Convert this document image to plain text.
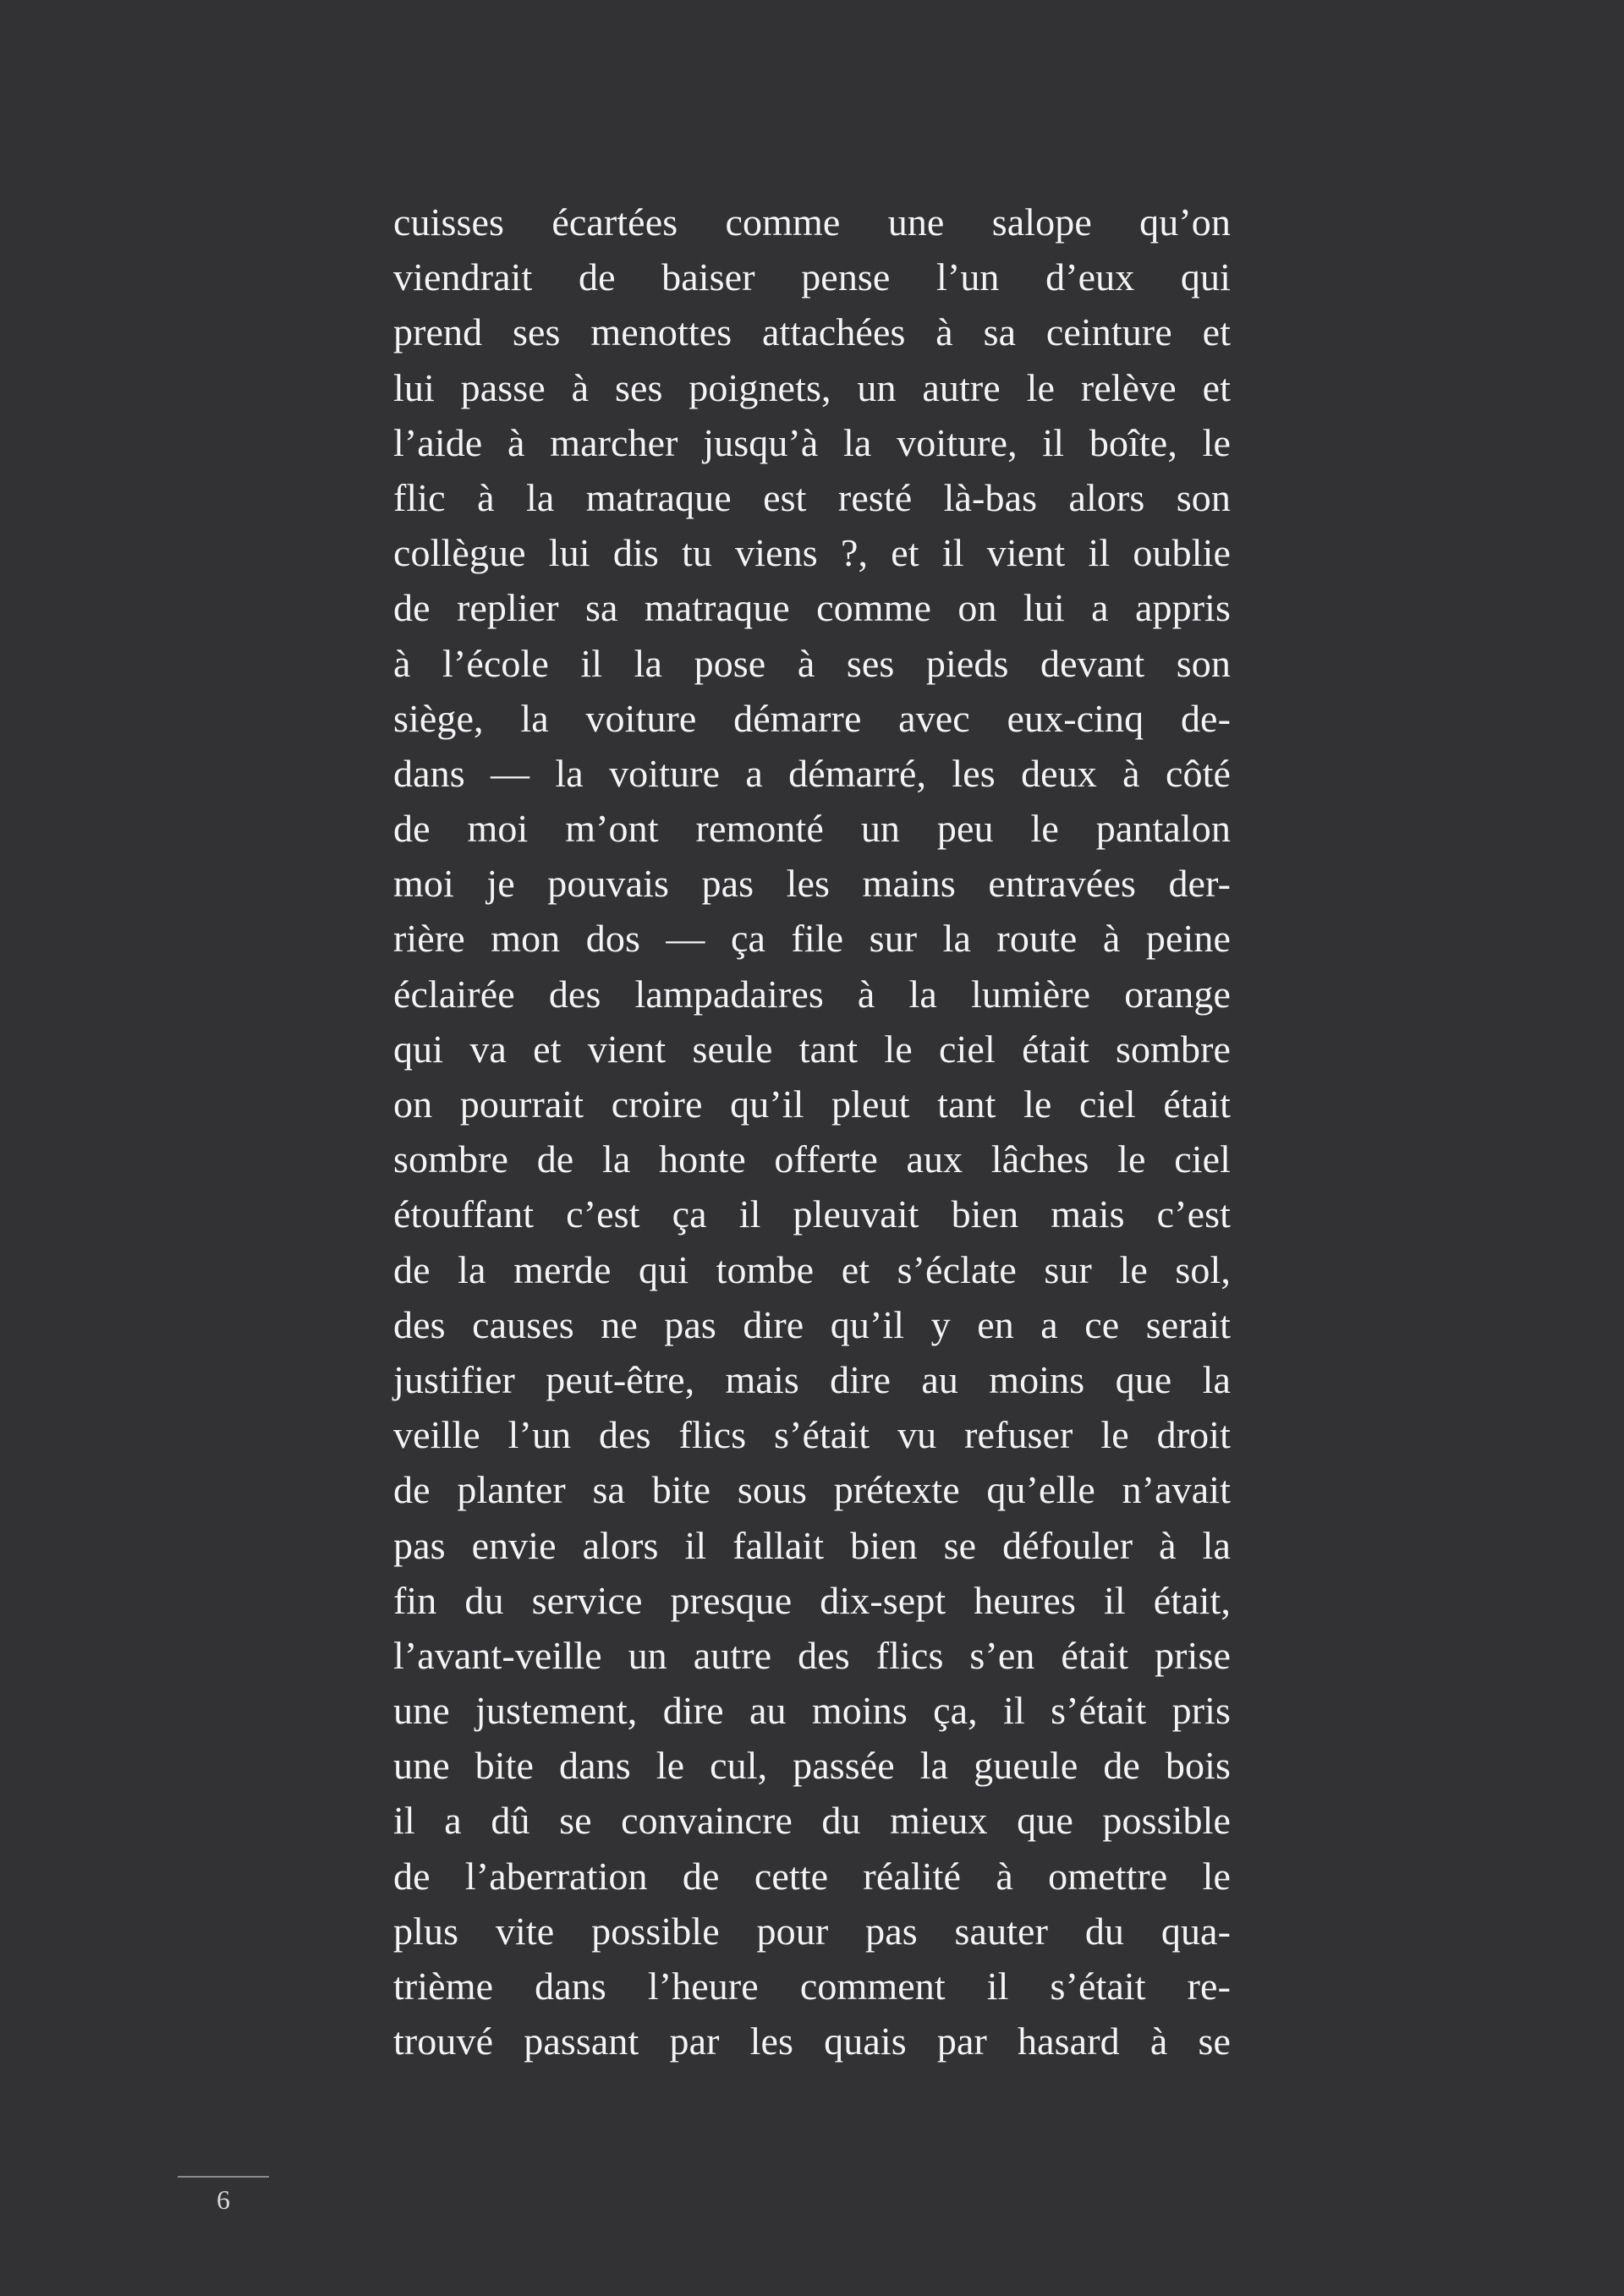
cuisses écartées comme une salope qu’on
viendrait de baiser pense l’un d’eux qui
prend ses menottes attachées à sa ceinture et
lui passe à ses poignets, un autre le relève et
l’aide à marcher jusqu’à la voiture, il boîte, le
flic à la matraque est resté là-bas alors son
collègue lui dis tu viens ?, et il vient il oublie
de replier sa matraque comme on lui a appris
à l’école il la pose à ses pieds devant son
siège, la voiture démarre avec eux-cinq de-
dans — la voiture a démarré, les deux à côté
de moi m’ont remonté un peu le pantalon
moi je pouvais pas les mains entravées der-
rière mon dos — ça file sur la route à peine
éclairée des lampadaires à la lumière orange
qui va et vient seule tant le ciel était sombre
on pourrait croire qu’il pleut tant le ciel était
sombre de la honte offerte aux lâches le ciel
étouffant c’est ça il pleuvait bien mais c’est
de la merde qui tombe et s’éclate sur le sol,
des causes ne pas dire qu’il y en a ce serait
justifier peut-être, mais dire au moins que la
veille l’un des flics s’était vu refuser le droit
de planter sa bite sous prétexte qu’elle n’avait
pas envie alors il fallait bien se défouler à la
fin du service presque dix-sept heures il était,
l’avant-veille un autre des flics s’en était prise
une justement, dire au moins ça, il s’était pris
une bite dans le cul, passée la gueule de bois
il a dû se convaincre du mieux que possible
de l’aberration de cette réalité à omettre le
plus vite possible pour pas sauter du qua-
trième dans l’heure comment il s’était re-
trouvé passant par les quais par hasard à se
6
